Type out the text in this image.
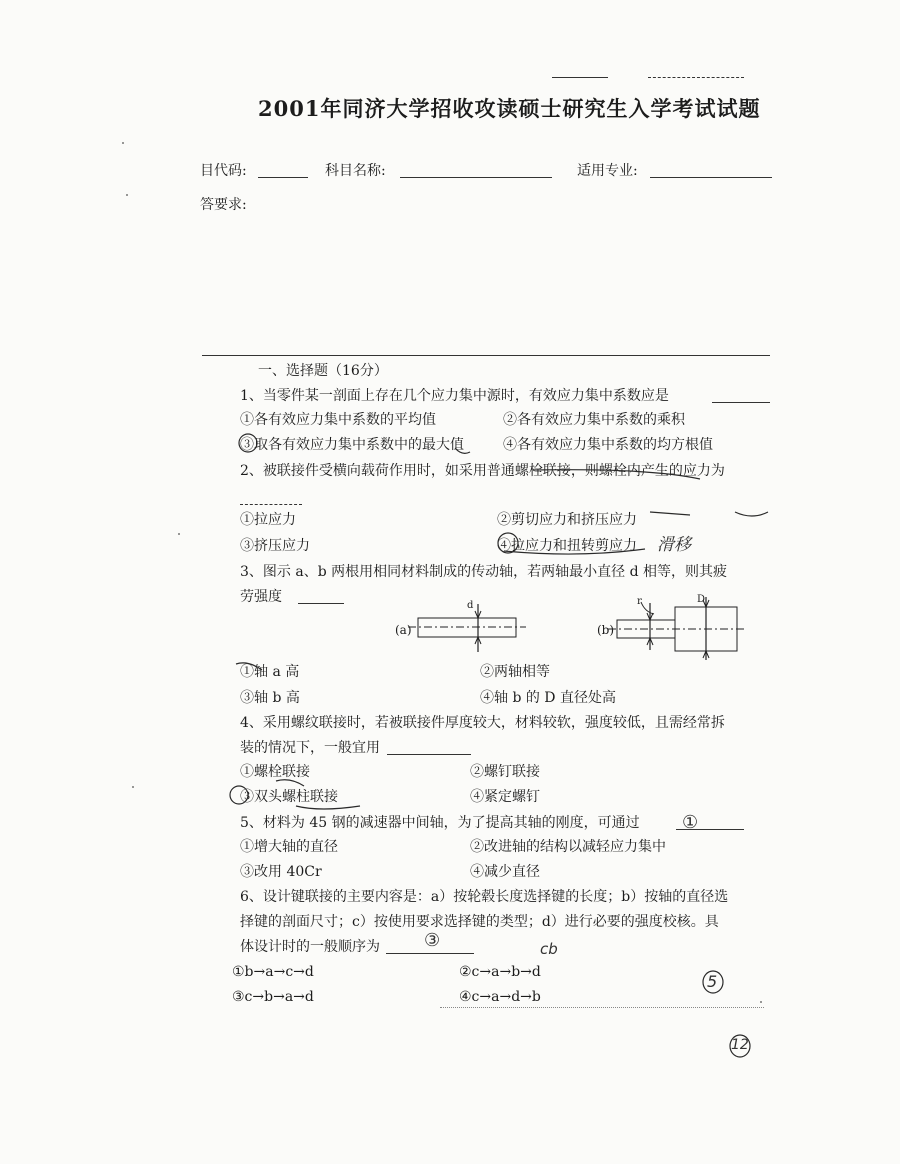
2001年同济大学招收攻读硕士研究生入学考试试题
目代码:	科目名称:	适用专业:
答要求:
一、选择题（16分）
1、当零件某一剖面上存在几个应力集中源时，有效应力集中系数应是
①各有效应力集中系数的平均值	②各有效应力集中系数的乘积
③取各有效应力集中系数中的最大值	④各有效应力集中系数的均方根值
2、被联接件受横向载荷作用时，如采用普通螺栓联接，则螺栓内产生的应力为
①拉应力	②剪切应力和挤压应力
③挤压应力	④拉应力和扭转剪应力
3、图示 a、b 两根用相同材料制成的传动轴，若两轴最小直径 d 相等，则其疲
劳强度
(a)	(b)
d	r	D
①轴 a 高	②两轴相等
③轴 b 高	④轴 b 的 D 直径处高
4、采用螺纹联接时，若被联接件厚度较大，材料较软，强度较低，且需经常拆
装的情况下，一般宜用
①螺栓联接	②螺钉联接
③双头螺柱联接	④紧定螺钉
5、材料为 45 钢的减速器中间轴，为了提高其轴的刚度，可通过
①增大轴的直径	②改进轴的结构以减轻应力集中
③改用 40Cr	④减少直径
6、设计键联接的主要内容是：a）按轮毂长度选择键的长度；b）按轴的直径选
择键的剖面尺寸；c）按使用要求选择键的类型；d）进行必要的强度校核。具
体设计时的一般顺序为
①b→a→c→d	②c→a→b→d
③c→b→a→d	④c→a→d→b
滑移
①
③	cb
5
12
